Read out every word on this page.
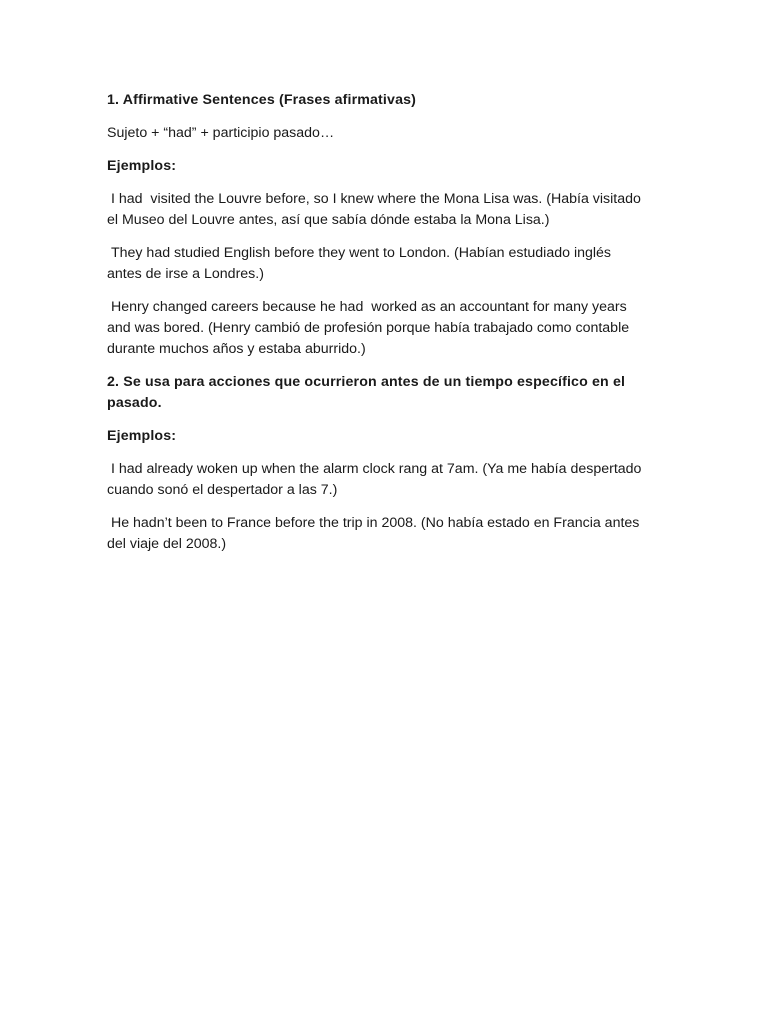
1. Affirmative Sentences (Frases afirmativas)

Sujeto + “had” + participio pasado…

Ejemplos:

I had  visited the Louvre before, so I knew where the Mona Lisa was. (Había visitado el Museo del Louvre antes, así que sabía dónde estaba la Mona Lisa.)

They had studied English before they went to London. (Habían estudiado inglés antes de irse a Londres.)

Henry changed careers because he had  worked as an accountant for many years and was bored. (Henry cambió de profesión porque había trabajado como contable durante muchos años y estaba aburrido.)

2. Se usa para acciones que ocurrieron antes de un tiempo específico en el pasado.

Ejemplos:

I had already woken up when the alarm clock rang at 7am. (Ya me había despertado cuando sonó el despertador a las 7.)

He hadn’t been to France before the trip in 2008. (No había estado en Francia antes del viaje del 2008.)
